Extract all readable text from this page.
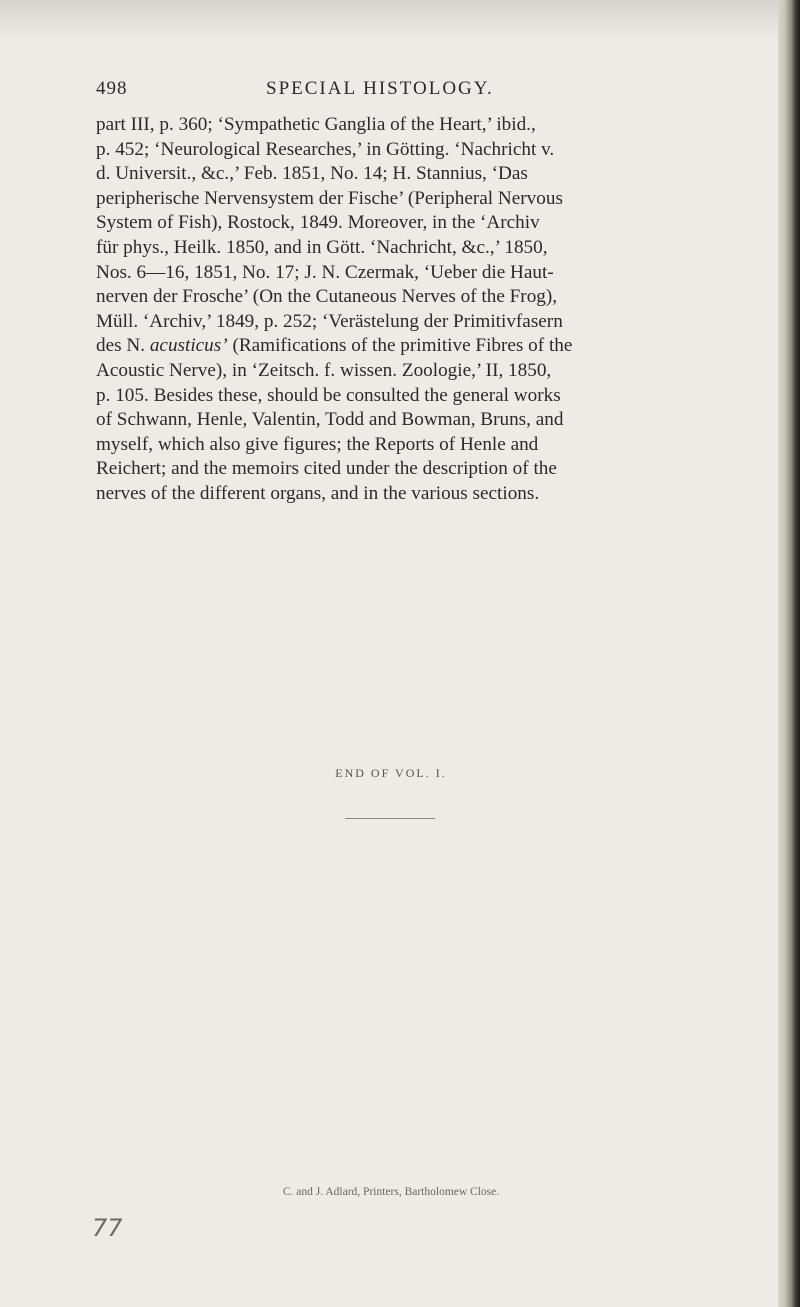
498	SPECIAL HISTOLOGY.

part III, p. 360; ‘Sympathetic Ganglia of the Heart,’ ibid.,
p. 452; ‘Neurological Researches,’ in Götting. ‘Nachricht v.
d. Universit., &c.,’ Feb. 1851, No. 14; H. Stannius, ‘Das
peripherische Nervensystem der Fische’ (Peripheral Nervous
System of Fish), Rostock, 1849. Moreover, in the ‘Archiv
für phys., Heilk. 1850, and in Gött. ‘Nachricht, &c.,’ 1850,
Nos. 6—16, 1851, No. 17; J. N. Czermak, ‘Ueber die Haut-
nerven der Frosche’ (On the Cutaneous Nerves of the Frog),
Müll. ‘Archiv,’ 1849, p. 252; ‘Verästelung der Primitivfasern
des N. acusticus’ (Ramifications of the primitive Fibres of the
Acoustic Nerve), in ‘Zeitsch. f. wissen. Zoologie,’ II, 1850,
p. 105. Besides these, should be consulted the general works
of Schwann, Henle, Valentin, Todd and Bowman, Bruns, and
myself, which also give figures; the Reports of Henle and
Reichert; and the memoirs cited under the description of the
nerves of the different organs, and in the various sections.

END OF VOL. I.
C. and J. Adlard, Printers, Bartholomew Close.
77
